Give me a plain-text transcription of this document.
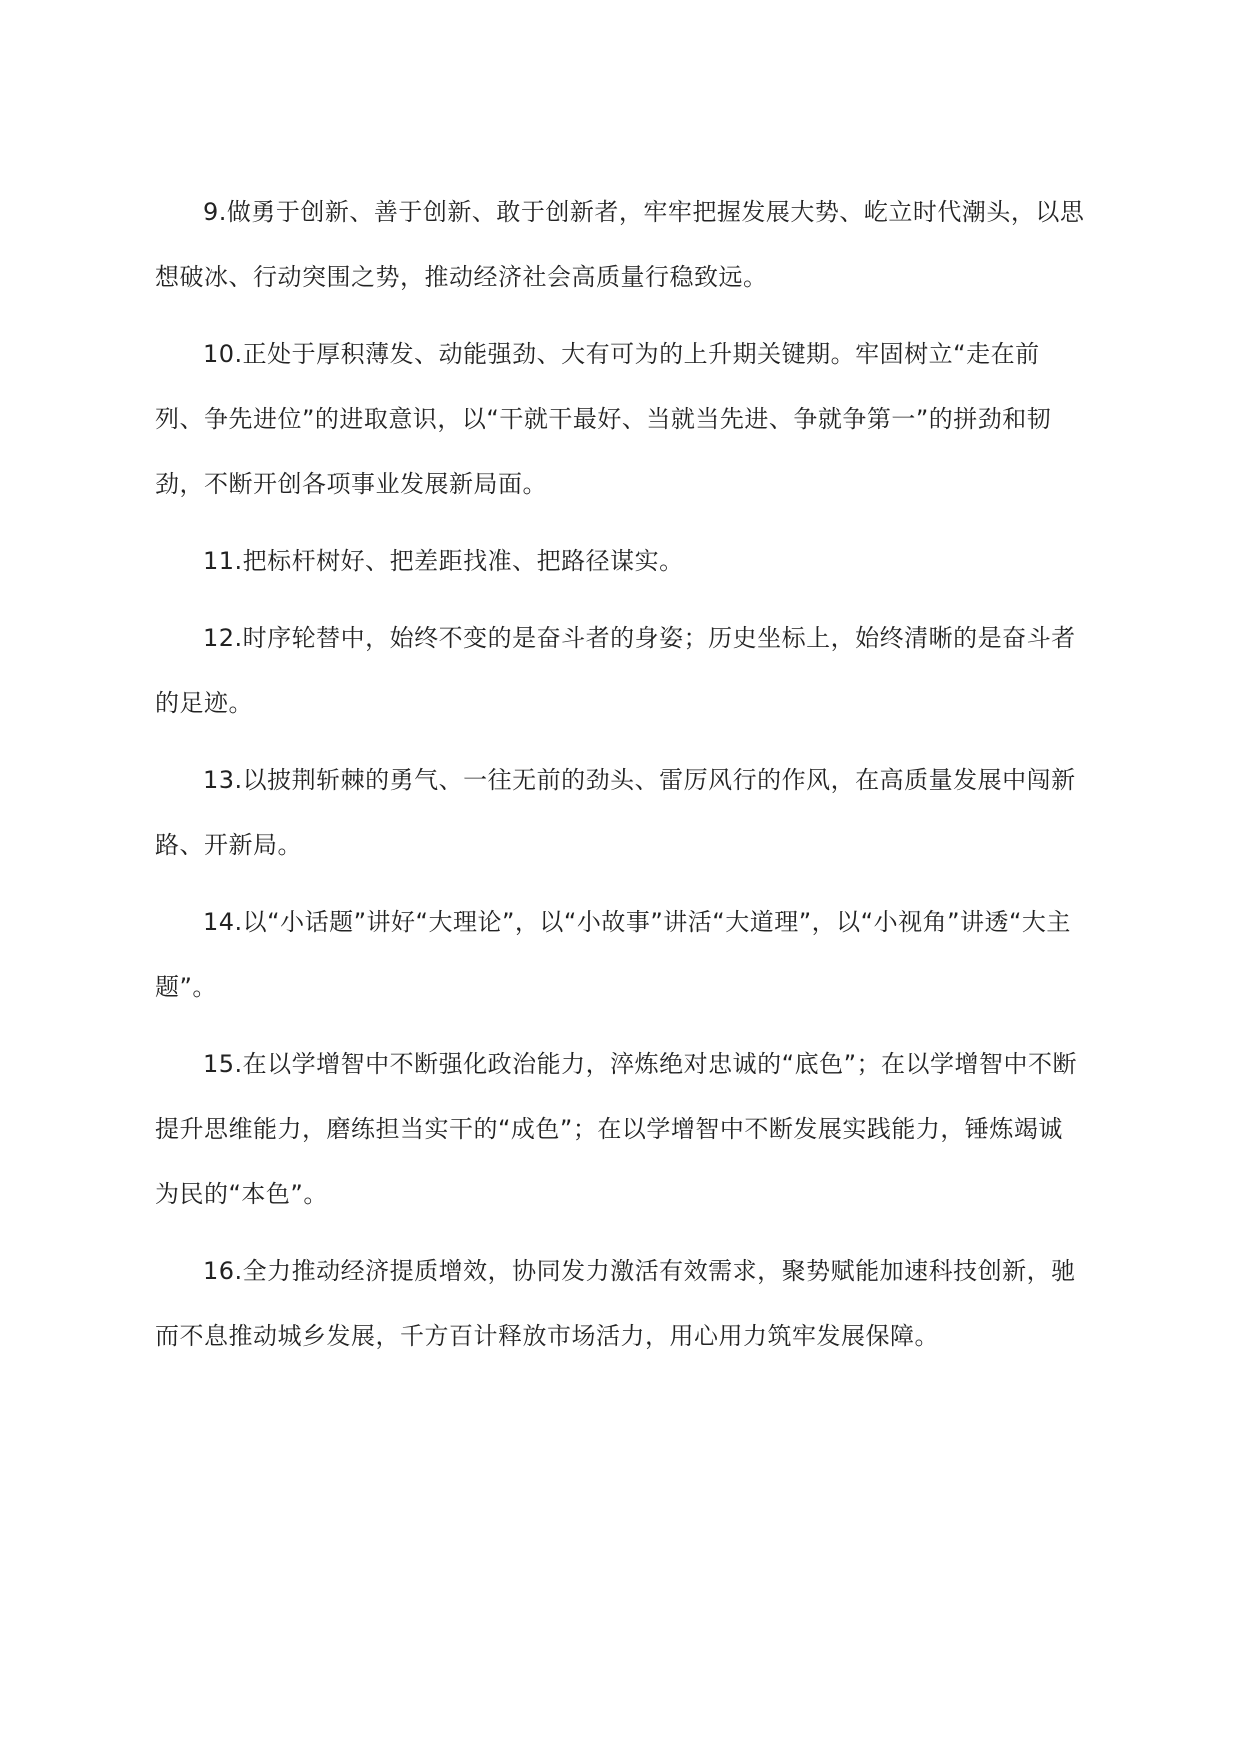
9.做勇于创新、善于创新、敢于创新者，牢牢把握发展大势、屹立时代潮头，以思想破冰、行动突围之势，推动经济社会高质量行稳致远。

10.正处于厚积薄发、动能强劲、大有可为的上升期关键期。牢固树立“走在前列、争先进位”的进取意识，以“干就干最好、当就当先进、争就争第一”的拼劲和韧劲，不断开创各项事业发展新局面。

11.把标杆树好、把差距找准、把路径谋实。

12.时序轮替中，始终不变的是奋斗者的身姿；历史坐标上，始终清晰的是奋斗者的足迹。

13.以披荆斩棘的勇气、一往无前的劲头、雷厉风行的作风，在高质量发展中闯新路、开新局。

14.以“小话题”讲好“大理论”，以“小故事”讲活“大道理”，以“小视角”讲透“大主题”。

15.在以学增智中不断强化政治能力，淬炼绝对忠诚的“底色”；在以学增智中不断提升思维能力，磨练担当实干的“成色”；在以学增智中不断发展实践能力，锤炼竭诚为民的“本色”。

16.全力推动经济提质增效，协同发力激活有效需求，聚势赋能加速科技创新，驰而不息推动城乡发展，千方百计释放市场活力，用心用力筑牢发展保障。
